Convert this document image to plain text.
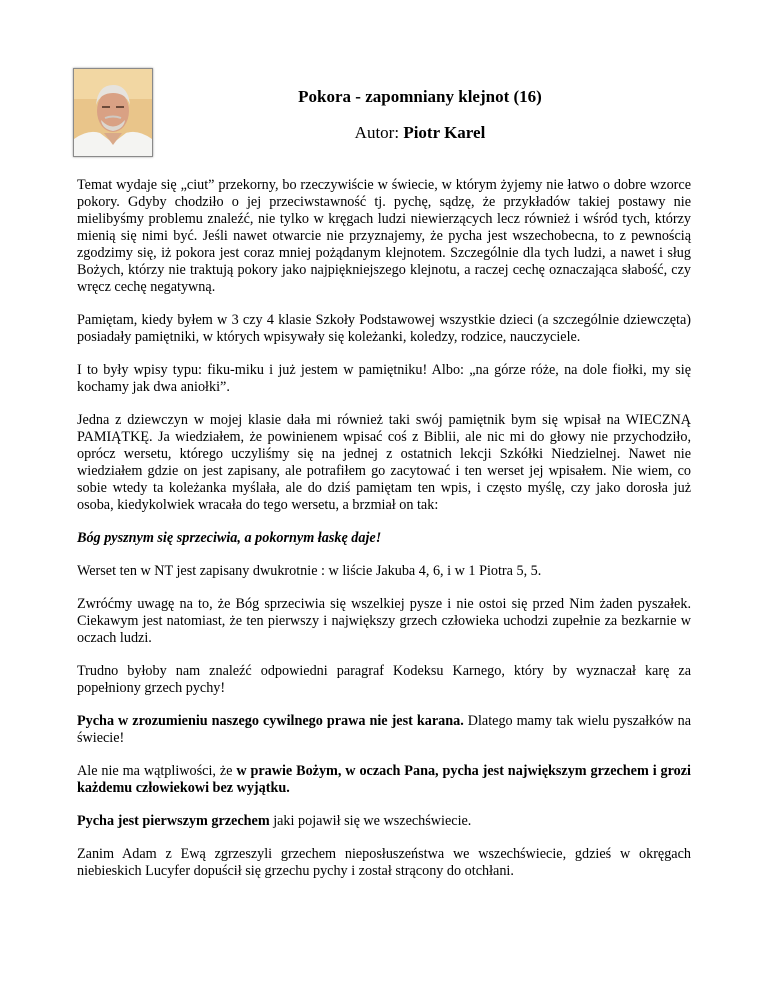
Pokora - zapomniany klejnot (16)

Autor: Piotr Karel

Temat wydaje się „ciut” przekorny, bo rzeczywiście w świecie, w którym żyjemy nie łatwo o dobre wzorce pokory. Gdyby chodziło o jej przeciwstawność tj. pychę, sądzę, że przykładów takiej postawy nie mielibyśmy problemu znaleźć, nie tylko w kręgach ludzi niewierzących lecz również i wśród tych, którzy mienią się nimi być. Jeśli nawet otwarcie nie przyznajemy, że pycha jest wszechobecna, to z pewnością zgodzimy się, iż pokora jest coraz mniej pożądanym klejnotem. Szczególnie dla tych ludzi, a nawet i sług Bożych, którzy nie traktują pokory jako najpiękniejszego klejnotu, a raczej cechę oznaczająca słabość, czy wręcz cechę negatywną.

Pamiętam, kiedy byłem w 3 czy 4 klasie Szkoły Podstawowej wszystkie dzieci (a szczególnie dziewczęta) posiadały pamiętniki, w których wpisywały się koleżanki, koledzy, rodzice, nauczyciele.

I to były wpisy typu: fiku-miku i już jestem w pamiętniku! Albo: „na górze róże, na dole fiołki, my się kochamy jak dwa aniołki”.

Jedna z dziewczyn w mojej klasie dała mi również taki swój pamiętnik bym się wpisał na WIECZNĄ PAMIĄTKĘ. Ja wiedziałem, że powinienem wpisać coś z Biblii, ale nic mi do głowy nie przychodziło, oprócz wersetu, którego uczyliśmy się na jednej z ostatnich lekcji Szkółki Niedzielnej. Nawet nie wiedziałem gdzie on jest zapisany, ale potrafiłem go zacytować i ten werset jej wpisałem. Nie wiem, co sobie wtedy ta koleżanka myślała, ale do dziś pamiętam ten wpis, i często myślę, czy jako dorosła już osoba, kiedykolwiek wracała do tego wersetu, a brzmiał on tak:

Bóg pysznym się sprzeciwia, a pokornym łaskę daje!

Werset ten w NT jest zapisany dwukrotnie : w liście Jakuba 4, 6, i w 1 Piotra 5, 5.

Zwróćmy uwagę na to, że Bóg sprzeciwia się wszelkiej pysze i nie ostoi się przed Nim żaden pyszałek. Ciekawym jest natomiast, że ten pierwszy i największy grzech człowieka uchodzi zupełnie za bezkarnie w oczach ludzi.

Trudno byłoby nam znaleźć odpowiedni paragraf Kodeksu Karnego, który by wyznaczał karę za popełniony grzech pychy!

Pycha w zrozumieniu naszego cywilnego prawa nie jest karana. Dlatego mamy tak wielu pyszałków na świecie!

Ale nie ma wątpliwości, że w prawie Bożym, w oczach Pana, pycha jest największym grzechem i grozi każdemu człowiekowi bez wyjątku.

Pycha jest pierwszym grzechem jaki pojawił się we wszechświecie.

Zanim Adam z Ewą zgrzeszyli grzechem nieposłuszeństwa we wszechświecie, gdzieś w okręgach niebieskich Lucyfer dopuścił się grzechu pychy i został strącony do otchłani.
